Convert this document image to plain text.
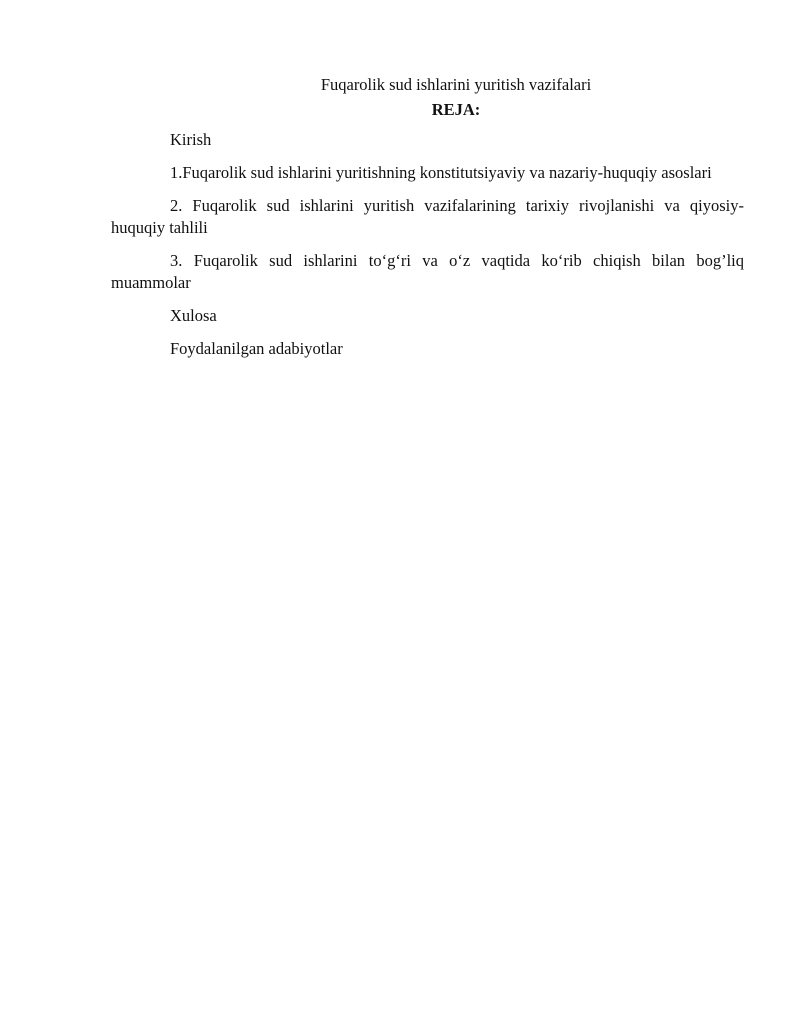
Fuqarolik sud ishlarini yuritish vazifalari
REJA:

Kirish

1.Fuqarolik sud ishlarini yuritishning konstitutsiyaviy va nazariy-huquqiy asoslari

2. Fuqarolik sud ishlarini yuritish vazifalarining tarixiy rivojlanishi va qiyosiy-huquqiy tahlili

3. Fuqarolik sud ishlarini to‘g‘ri va o‘z vaqtida ko‘rib chiqish bilan bog’liq muammolar

Xulosa

Foydalanilgan adabiyotlar
